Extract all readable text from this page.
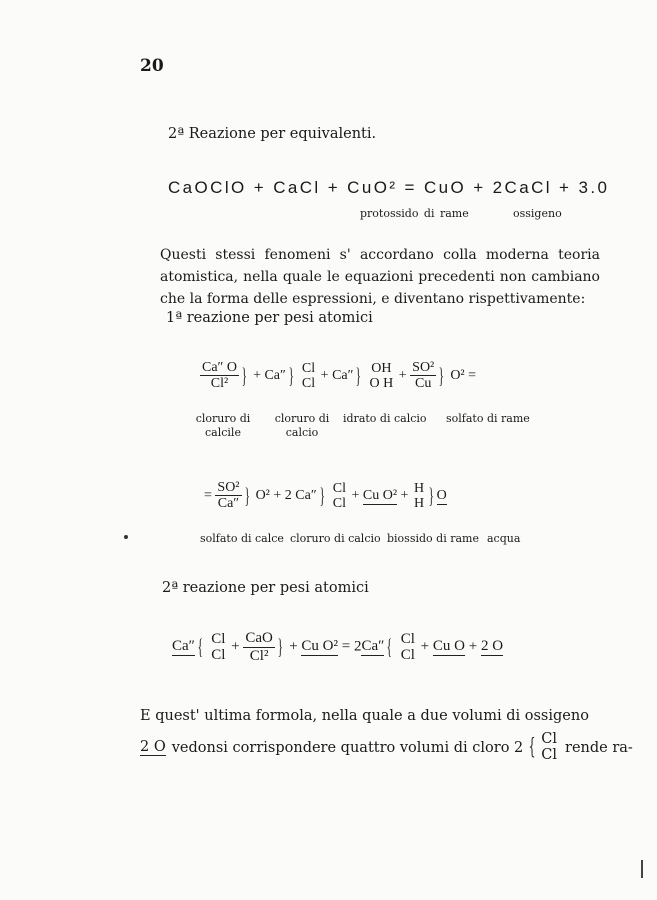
20
2ª Reazione per equivalenti.
CaOClO + CaCl + CuO² = CuO + 2CaCl + 3.0
protossido di rame	ossigeno
Questi stessi fenomeni s' accordano colla moderna teoria atomistica, nella quale le equazioni precedenti non cambiano che la forma delle espressioni, e diventano rispettivamente:
1ª reazione per pesi atomici
$\frac{Ca'' O}{\text{Cl²}}$ } + Ca″ } Cl
Cl
+ Ca″ } OH
O H
+ $\frac{\text{SO²}}{Cu}$ } O² =
cloruro di calcile
cloruro di calcio
idrato di calcio solfato di rame
= $\frac{\text{SO²}}{Ca''}$ } O² + 2 Ca″ } Cl
Cl
+ Cu O² +
H
H } O
solfato di calce cloruro di calcio biossido di rame acqua
2ª reazione per pesi atomici
Ca″ { Cl
Cl
+ $\frac{\text{CaO}}{\text{Cl²}}$ } + Cu O² = 2Ca″ { Cl
Cl
+ Cu O + 2 O
E quest' ultima formola, nella quale a due volumi di ossigeno
2 O vedonsi corrispondere quattro volumi di cloro 2 { Cl
Cl rende ra-
